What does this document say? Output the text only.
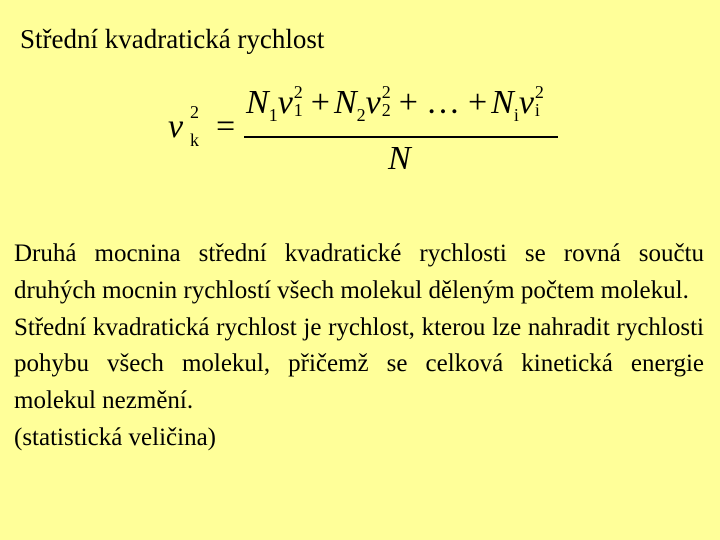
Střední kvadratická rychlost
v 2
k =
$N_1v$ 2
$1 + N_2v$ 2
2 + … + $N_iv$ 2
i
N

Druhá mocnina střední kvadratické rychlosti se rovná součtu druhých mocnin rychlostí všech molekul děleným počtem molekul.

Střední kvadratická rychlost je rychlost, kterou lze nahradit rychlosti pohybu všech molekul, přičemž se celková kinetická energie molekul nezmění.

(statistická veličina)
